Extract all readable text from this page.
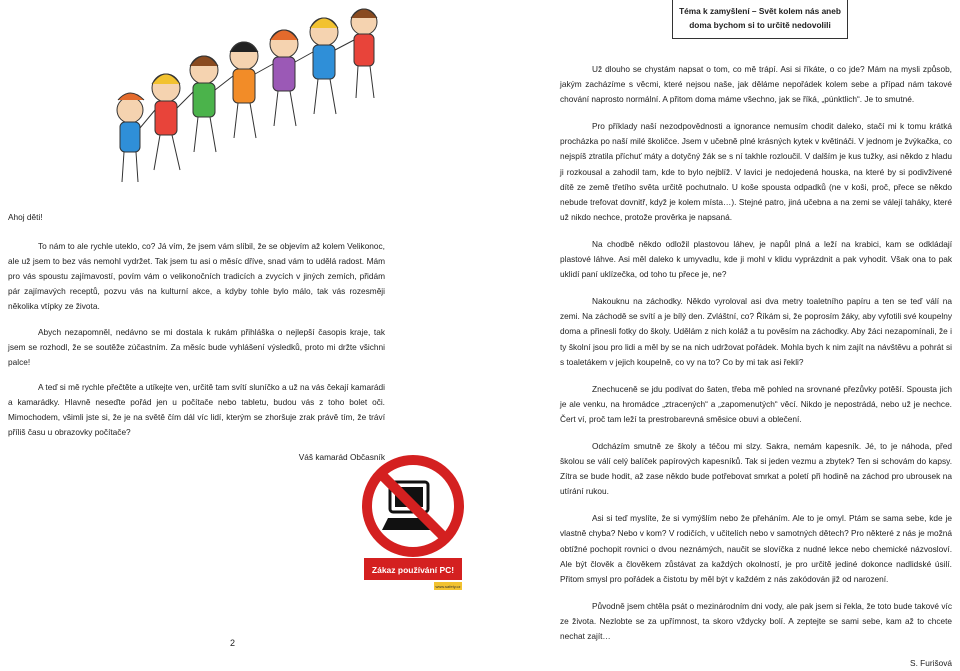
Téma k zamyšlení – Svět kolem nás aneb
doma bychom si to určitě nedovolili

Ahoj děti!

To nám to ale rychle uteklo, co? Já vím, že jsem vám slíbil, že se objevím až kolem Velikonoc, ale už jsem to bez vás nemohl vydržet. Tak jsem tu asi o měsíc dříve, snad vám to udělá radost. Mám pro vás spoustu zajímavostí, povím vám o velikonočních tradicích a zvycích v jiných zemích, přidám pár zajímavých receptů, pozvu vás na kulturní akce, a kdyby tohle bylo málo, tak vás rozesměji několika vtípky ze života.

Abych nezapomněl, nedávno se mi dostala k rukám přihláška o nejlepší časopis kraje, tak jsem se rozhodl, že se soutěže zúčastním. Za měsíc bude vyhlášení výsledků, proto mi držte všichni palce!

A teď si mě rychle přečtěte a utíkejte ven, určitě tam svítí sluníčko a už na vás čekají kamarádi a kamarádky. Hlavně neseďte pořád jen u počítače nebo tabletu, budou vás z toho bolet oči. Mimochodem, všimli jste si, že je na světě čím dál víc lidí, kterým se zhoršuje zrak právě tím, že tráví příliš času u obrazovky počítače?

Váš kamarád Občasník

Zákaz používání PC!
www.safety.cz

Už dlouho se chystám napsat o tom, co mě trápí. Asi si říkáte, o co jde? Mám na mysli způsob, jakým zacházíme s věcmi, které nejsou naše, jak děláme nepořádek kolem sebe a případ nám takové chování naprosto normální. A přitom doma máme všechno, jak se říká, „púnktlich“. Je to smutné.

Pro příklady naší nezodpovědnosti a ignorance nemusím chodit daleko, stačí mi k tomu krátká procházka po naší milé školičce. Jsem v učebně plné krásných kytek v květináči. V jednom je žvýkačka, co nejspíš ztratila příchuť máty a dotyčný žák se s ní takhle rozloučil. V dalším je kus tužky, asi někdo z hladu ji rozkousal a zahodil tam, kde to bylo nejblíž. V lavici je nedojedená houska, na které by si podivživené dítě ze země třetího světa určitě pochutnalo. U koše spousta odpadků (ne v koši, proč, přece se někdo nebude trefovat dovnitř, když je kolem místa…). Stejné patro, jiná učebna a na zemi se válejí taháky, které už nikdo nechce, protože prověrka je napsaná.

Na chodbě někdo odložil plastovou láhev, je napůl plná a leží na krabici, kam se odkládají plastové láhve. Asi měl daleko k umyvadlu, kde ji mohl v klidu vyprázdnit a pak vyhodit. Však ona to pak uklidí paní uklízečka, od toho tu přece je, ne?

Nakouknu na záchodky. Někdo vyroloval asi dva metry toaletního papíru a ten se teď válí na zemi. Na záchodě se svítí a je bílý den. Zvláštní, co? Říkám si, že poprosím žáky, aby vyfotili své koupelny doma a přinesli fotky do školy. Udělám z nich koláž a tu pověsím na záchodky. Aby žáci nezapomínali, že i ty školní jsou pro lidi a měl by se na nich udržovat pořádek. Mohla bych k nim zajít na návštěvu a pohrát si s toaletákem v jejich koupelně, co vy na to? Co by mi tak asi řekli?

Znechuceně se jdu podívat do šaten, třeba mě pohled na srovnané přezůvky potěší. Spousta jich je ale venku, na hromádce „ztracených“ a „zapomenutých“ věcí. Nikdo je nepostrádá, nebo už je nechce. Čert ví, proč tam leží ta prestrobarevná směsice obuvi a oblečení.

Odcházím smutně ze školy a téčou mi slzy. Sakra, nemám kapesník. Jé, to je náhoda, před školou se válí celý balíček papírových kapesníků. Tak si jeden vezmu a zbytek? Ten si schovám do kapsy. Zítra se bude hodit, až zase někdo bude potřebovat smrkat a poletí při hodině na záchod pro ubrousek na utírání rukou.

Asi si teď myslíte, že si vymýšlím nebo že přeháním. Ale to je omyl. Ptám se sama sebe, kde je vlastně chyba? Nebo v kom? V rodičích, v učitelích nebo v samotných dětech? Pro některé z nás je možná obtížné pochopit rovnici o dvou neznámých, naučit se slovíčka z nudné lekce nebo chemické názvosloví. Ale být člověk a člověkem zůstávat za každých okolností, je pro určitě jediné dokonce nadlidské úsilí. Přitom smysl pro pořádek a čistotu by měl být v každém z nás zakódován již od narození.

Původně jsem chtěla psát o mezinárodním dni vody, ale pak jsem si řekla, že toto bude takové víc ze života. Nezlobte se za upřímnost, ta skoro vždycky bolí. A zeptejte se sami sebe, kam až to chcete nechat zajít…

S. Furišová

2
